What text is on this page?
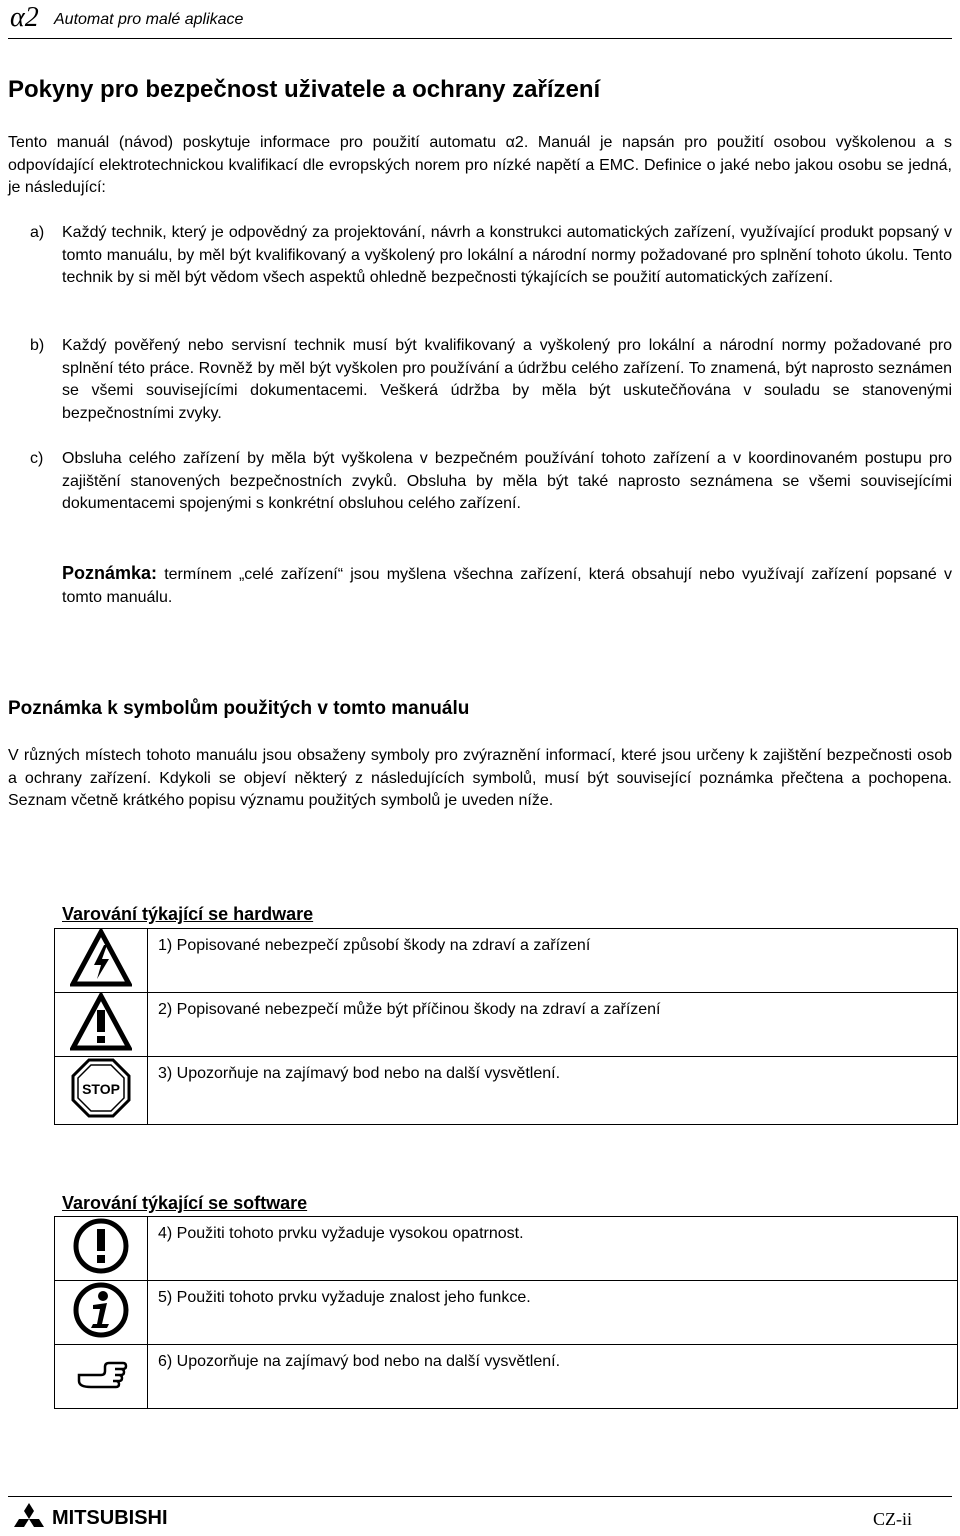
α2 Automat pro malé aplikace
Pokyny pro bezpečnost uživatele a ochrany zařízení

Tento manuál (návod) poskytuje informace pro použití automatu α2. Manuál je napsán pro použití osobou vyškolenou a s odpovídající elektrotechnickou kvalifikací dle evropských norem pro nízké napětí a EMC. Definice o jaké nebo jakou osobu se jedná, je následující:

a)	Každý technik, který je odpovědný za projektování, návrh a konstrukci automatických zařízení, využívající produkt popsaný v tomto manuálu, by měl být kvalifikovaný a vyškolený pro lokální a národní normy požadované pro splnění tohoto úkolu. Tento technik by si měl být vědom všech aspektů ohledně bezpečnosti týkajících se použití automatických zařízení.
b)	Každý pověřený nebo servisní technik musí být kvalifikovaný a vyškolený pro lokální a národní normy požadované pro splnění této práce. Rovněž by měl být vyškolen pro používání a údržbu celého zařízení. To znamená, být naprosto seznámen se všemi souvisejícími dokumentacemi. Veškerá údržba by měla být uskutečňována v souladu se stanovenými bezpečnostními zvyky.
c)	Obsluha celého zařízení by měla být vyškolena v bezpečném používání tohoto zařízení a v koordinovaném postupu pro zajištění stanovených bezpečnostních zvyků. Obsluha by měla být také naprosto seznámena se všemi souvisejícími dokumentacemi spojenými s konkrétní obsluhou celého zařízení.

Poznámka: termínem „celé zařízení“ jsou myšlena všechna zařízení, která obsahují nebo využívají zařízení popsané v tomto manuálu.

Poznámka k symbolům použitých v tomto manuálu

V různých místech tohoto manuálu jsou obsaženy symboly pro zvýraznění informací, které jsou určeny k zajištění bezpečnosti osob a ochrany zařízení. Kdykoli se objeví některý z následujících symbolů, musí být související poznámka přečtena a pochopena. Seznam včetně krátkého popisu významu použitých symbolů je uveden níže.

Varování týkající se hardware
	1) Popisované nebezpečí způsobí škody na zdraví a zařízení
	2) Popisované nebezpečí může být příčinou škody na zdraví a zařízení

STOP	3) Upozorňuje na zajímavý bod nebo na další vysvětlení.
Varování týkající se software
	4) Použiti tohoto prvku vyžaduje vysokou opatrnost.
	5) Použiti tohoto prvku vyžaduje znalost jeho funkce.
	6) Upozorňuje na zajímavý bod nebo na další vysvětlení.
MITSUBISHI	CZ-ii
